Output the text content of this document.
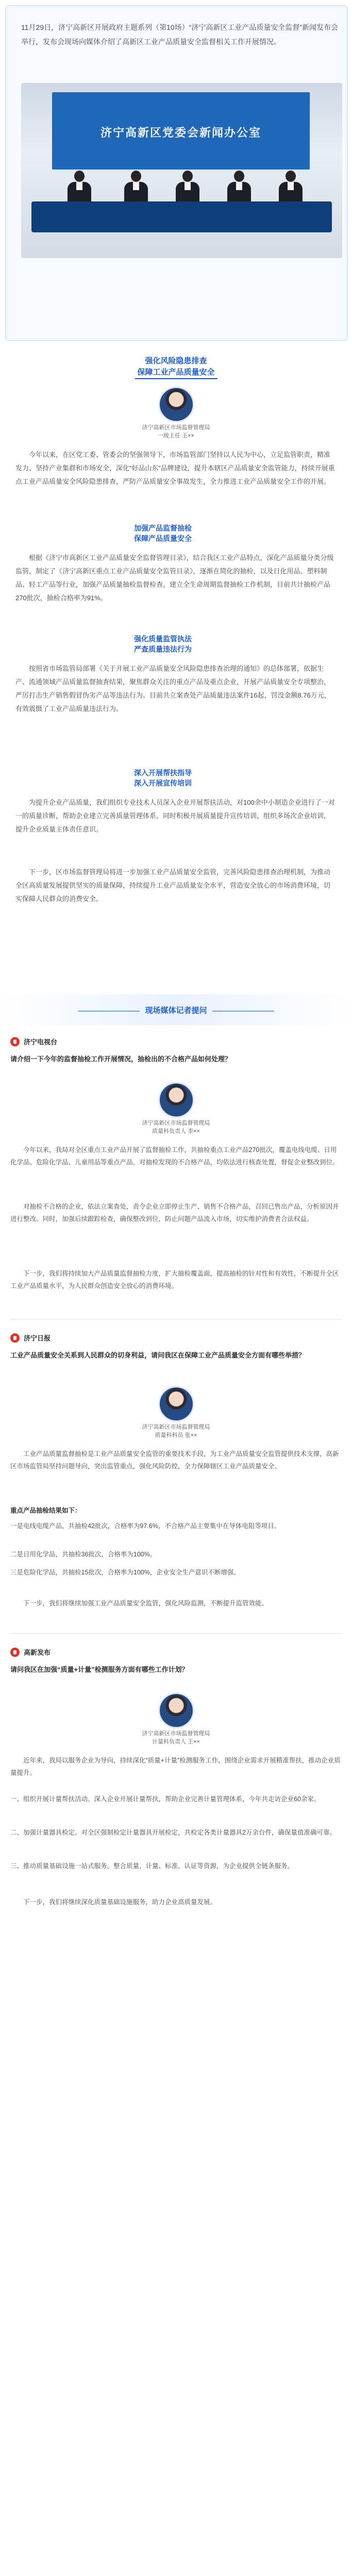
11月29日，济宁高新区开展政府主题系列（第10场）“济宁高新区工业产品质量安全监督”新闻发布会举行，发布会现场向媒体介绍了高新区工业产品质量安全监督相关工作开展情况。
济宁高新区党委会新闻办公室
强化风险隐患排查
保障工业产品质量安全
济宁高新区市场监督管理局
一级主任 王××
今年以来，在区党工委、管委会的坚强领导下，市场监管部门坚持以人民为中心，立足监管职责，精准发力、坚持产业集群和市场安全，深化“好品山东”品牌建设，提升本辖区产品质量安全监管能力，持续开展重点工业产品质量安全风险隐患排查，严防产品质量安全事故发生，全力推进工业产品质量安全工作的开展。
加强产品监督抽检
保障产品质量安全
根据《济宁市高新区工业产品质量安全监督管理目录》，结合我区工业产品特点，深化产品质量分类分级监管，制定了《济宁高新区重点工业产品质量安全监管目录》，逐渐在简化的抽检，以及日化用品、塑料制品、轻工产品等行业，加强产品质量抽检监督检查。建立全生命周期监督抽检工作机制，目前共计抽检产品270批次，抽检合格率为91%。
强化质量监管执法
严查质量违法行为
按照省市场监管局部署《关于开展工业产品质量安全风险隐患排查治理的通知》的总体部署，依据生产、流通领域产品质量监督抽查结果，聚焦群众关注的重点产品及重点企业，开展产品质量安全专项整治，严厉打击生产销售假冒伪劣产品等违法行为。目前共立案查处产品质量违法案件16起，罚没金额8.76万元，有效震慑了工业产品质量违法行为。
深入开展帮扶指导
深入开展宣传培训
为提升企业产品质量，我们组织专业技术人员深入企业开展帮扶活动，对100余中小制造企业进行了一对一的质量诊断，帮助企业建立完善质量管理体系。同时积极开展质量提升宣传培训，组织多场次企业培训，提升企业质量主体责任意识。
下一步，区市场监督管理局将进一步加强工业产品质量安全监管，完善风险隐患排查治理机制，为推动全区高质量发展提供坚实的质量保障，持续提升工业产品质量安全水平，营造安全放心的市场消费环境，切实保障人民群众的消费安全。
现场媒体记者提问
济宁电视台
请介绍一下今年的监督抽检工作开展情况，抽检出的不合格产品如何处理？
济宁高新区市场监督管理局
质量科负责人 李××
今年以来，我局对全区重点工业产品开展了监督抽检工作，共抽检重点工业产品270批次，覆盖电线电缆、日用化学品、危险化学品、儿童用品等重点产品。对抽检发现的不合格产品，均依法进行核查处置，督促企业整改到位。
对抽检不合格的企业，依法立案查处，责令企业立即停止生产、销售不合格产品，召回已售出产品，分析原因并进行整改。同时，加强后续跟踪检查，确保整改到位，防止问题产品流入市场，切实维护消费者合法权益。
下一步，我们将持续加大产品质量监督抽检力度，扩大抽检覆盖面，提高抽检的针对性和有效性，不断提升全区工业产品质量水平，为人民群众创造安全放心的消费环境。
济宁日报
工业产品质量安全关系到人民群众的切身利益，请问我区在保障工业产品质量安全方面有哪些举措？
济宁高新区市场监督管理局
质量科科员 张××
工业产品质量监督抽检是工业产品质量安全监管的重要技术手段，为工业产品质量安全监管提供技术支撑，高新区市场监管局坚持问题导向，突出监管重点，强化风险防控，全力保障辖区工业产品质量安全。
重点产品抽检结果如下：
一是电线电缆产品，共抽检42批次，合格率为97.6%，不合格产品主要集中在导体电阻等项目。
二是日用化学品，共抽检36批次，合格率为100%。
三是危险化学品，共抽检15批次，合格率为100%，企业安全生产意识不断增强。
下一步，我们将继续加强工业产品质量安全监管，强化风险监测，不断提升监管效能。
高新发布
请问我区在加强“质量+计量”检测服务方面有哪些工作计划？
济宁高新区市场监督管理局
计量科负责人 王××
近年来，我局以服务企业为导向，持续深化“质量+计量”检测服务工作，围绕企业需求开展精准帮扶，推动企业质量提升。
一、组织开展计量帮扶活动。深入企业开展计量帮扶，帮助企业完善计量管理体系，今年共走访企业60余家。
二、加强计量器具检定。对全区强制检定计量器具开展检定，共检定各类计量器具2万余台件，确保量值准确可靠。
三、推动质量基础设施一站式服务。整合质量、计量、标准、认证等资源，为企业提供全链条服务。
下一步，我们将继续深化质量基础设施服务，助力企业高质量发展。
